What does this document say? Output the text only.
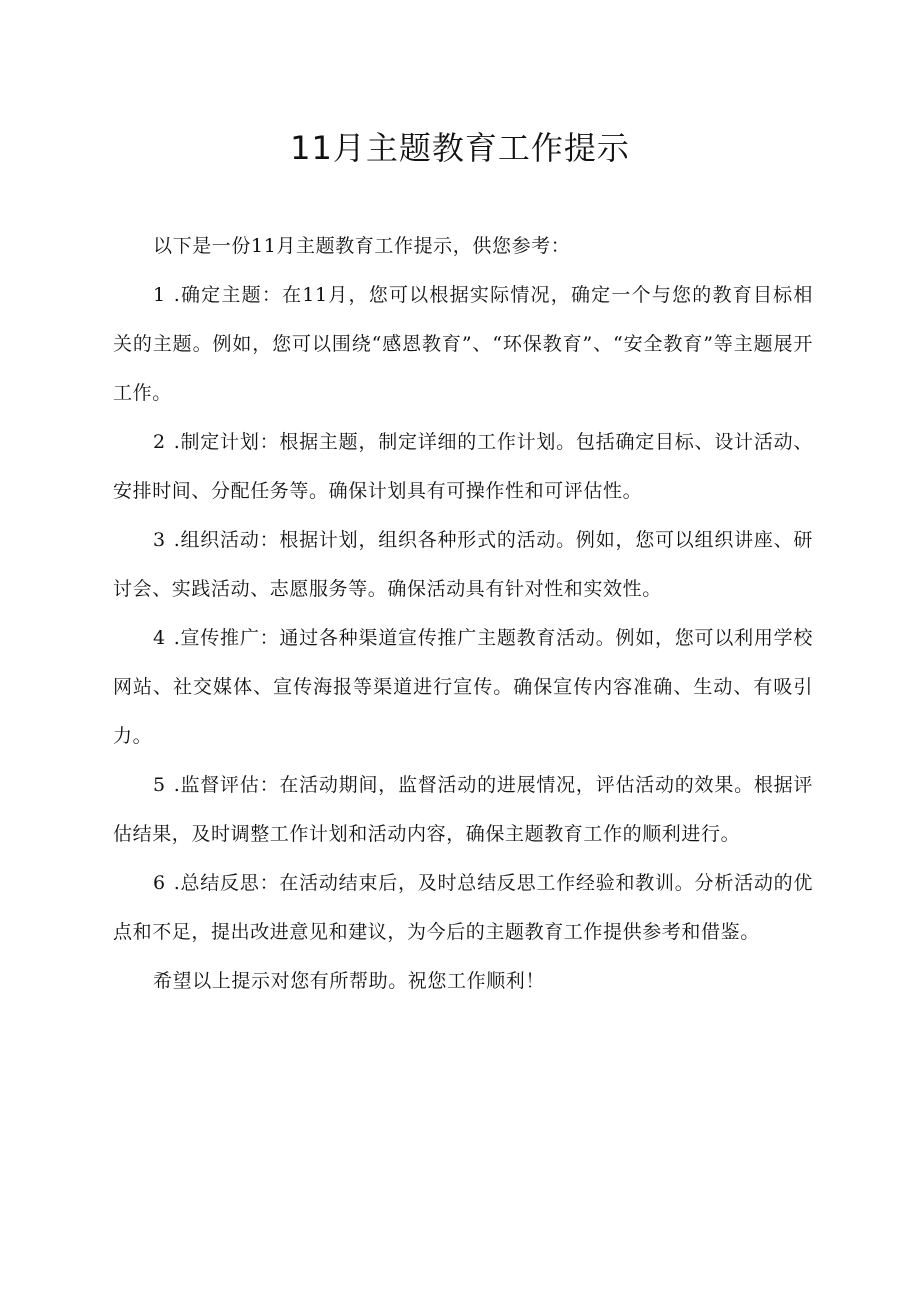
11月主题教育工作提示

以下是一份11月主题教育工作提示，供您参考：

1 .确定主题：在11月，您可以根据实际情况，确定一个与您的教育目标相关的主题。例如，您可以围绕“感恩教育”、“环保教育”、“安全教育”等主题展开工作。

2 .制定计划：根据主题，制定详细的工作计划。包括确定目标、设计活动、安排时间、分配任务等。确保计划具有可操作性和可评估性。

3 .组织活动：根据计划，组织各种形式的活动。例如，您可以组织讲座、研讨会、实践活动、志愿服务等。确保活动具有针对性和实效性。

4 .宣传推广：通过各种渠道宣传推广主题教育活动。例如，您可以利用学校网站、社交媒体、宣传海报等渠道进行宣传。确保宣传内容准确、生动、有吸引力。

5 .监督评估：在活动期间，监督活动的进展情况，评估活动的效果。根据评估结果，及时调整工作计划和活动内容，确保主题教育工作的顺利进行。

6 .总结反思：在活动结束后，及时总结反思工作经验和教训。分析活动的优点和不足，提出改进意见和建议，为今后的主题教育工作提供参考和借鉴。

希望以上提示对您有所帮助。祝您工作顺利！
